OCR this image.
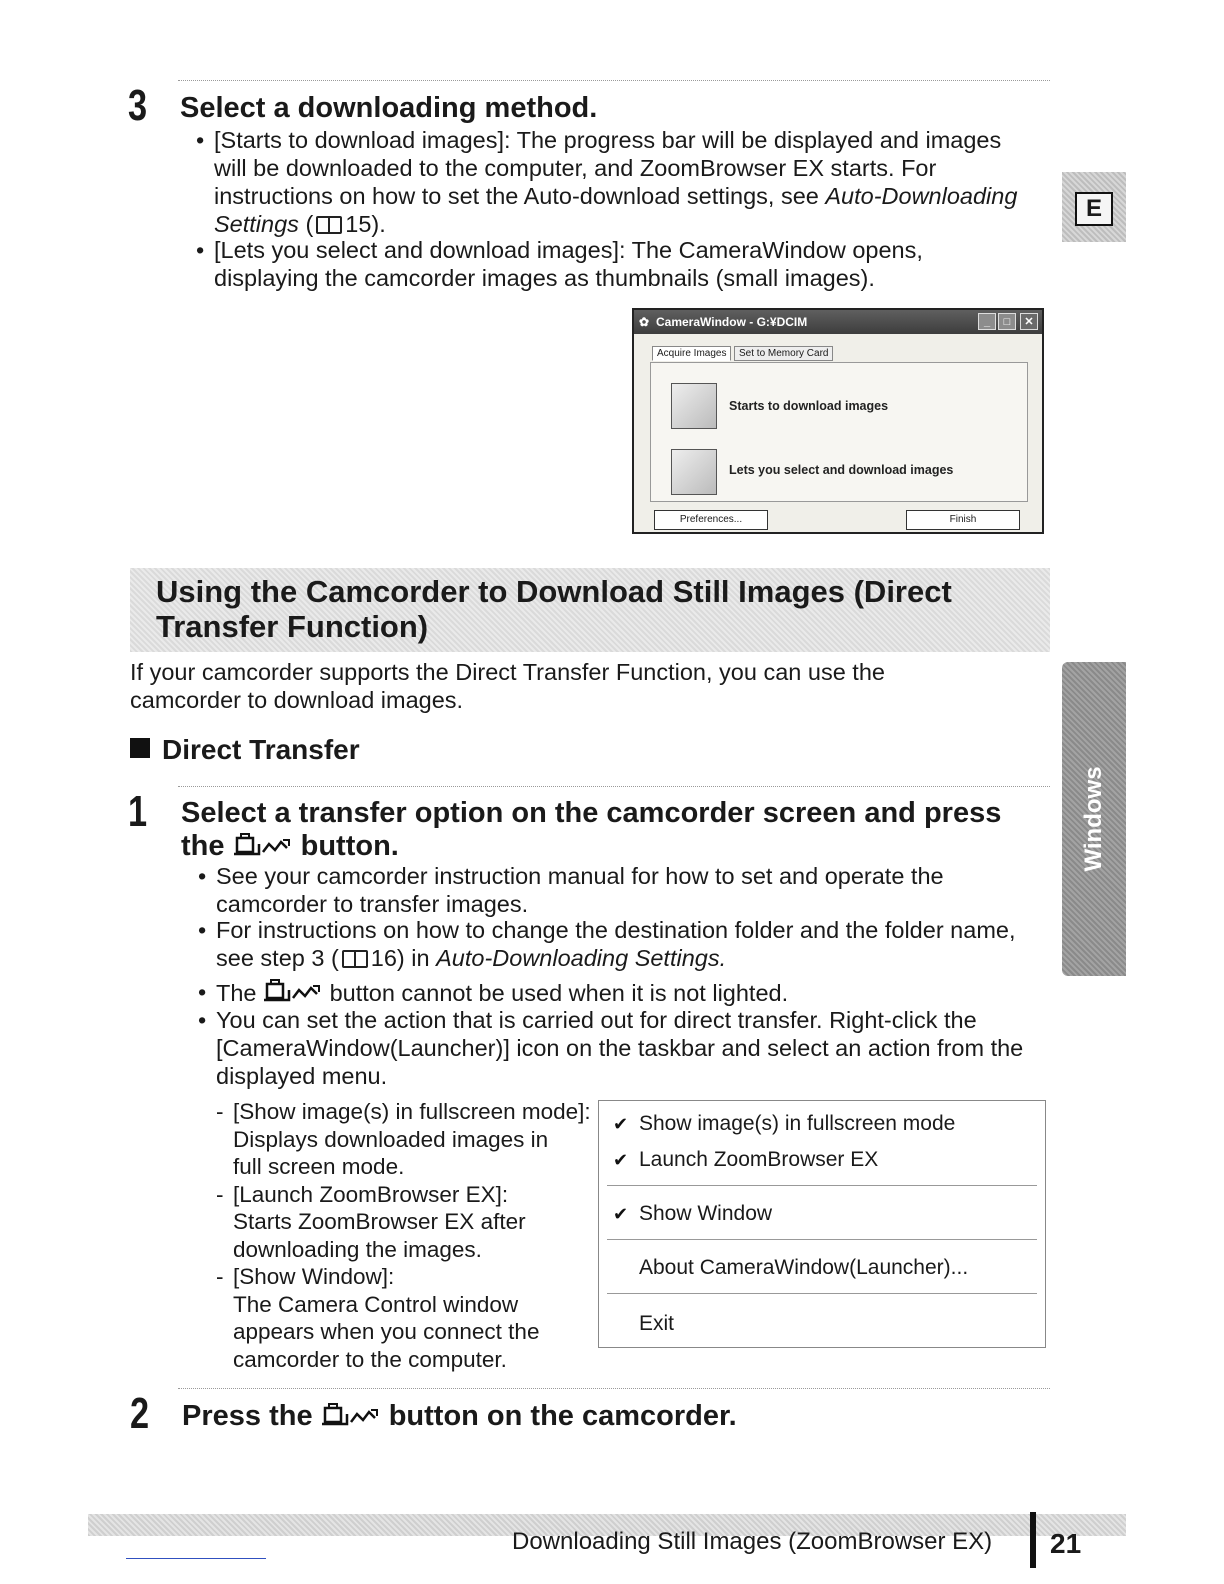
3 Select a downloading method.
• [Starts to download images]: The progress bar will be displayed and images
will be downloaded to the computer, and ZoomBrowser EX starts. For
instructions on how to set the Auto-download settings, see Auto-Downloading
Settings ( 15).
• [Lets you select and download images]: The CameraWindow opens,
displaying the camcorder images as thumbnails (small images).
E
✿ CameraWindow - G:¥DCIM	_	□	✕
Acquire Images	Set to Memory Card
Starts to download images
Lets you select and download images
Preferences...	Finish
Using the Camcorder to Download Still Images (Direct
Transfer Function)
If your camcorder supports the Direct Transfer Function, you can use the
camcorder to download images.
Direct Transfer
Windows
1 Select a transfer option on the camcorder screen and press
the	button.
• See your camcorder instruction manual for how to set and operate the
camcorder to transfer images.
• For instructions on how to change the destination folder and the folder name,
see step 3 ( 16) in Auto-Downloading Settings.
• The	button cannot be used when it is not lighted.
• You can set the action that is carried out for direct transfer. Right-click the
[CameraWindow(Launcher)] icon on the taskbar and select an action from the
displayed menu.
- [Show image(s) in fullscreen mode]:
Displays downloaded images in
full screen mode.
- [Launch ZoomBrowser EX]:
Starts ZoomBrowser EX after
downloading the images.
- [Show Window]:
The Camera Control window
appears when you connect the
camcorder to the computer.
✔ Show image(s) in fullscreen mode
✔ Launch ZoomBrowser EX
✔ Show Window
About CameraWindow(Launcher)...
Exit
2 Press the	button on the camcorder.
Downloading Still Images (ZoomBrowser EX) 21
